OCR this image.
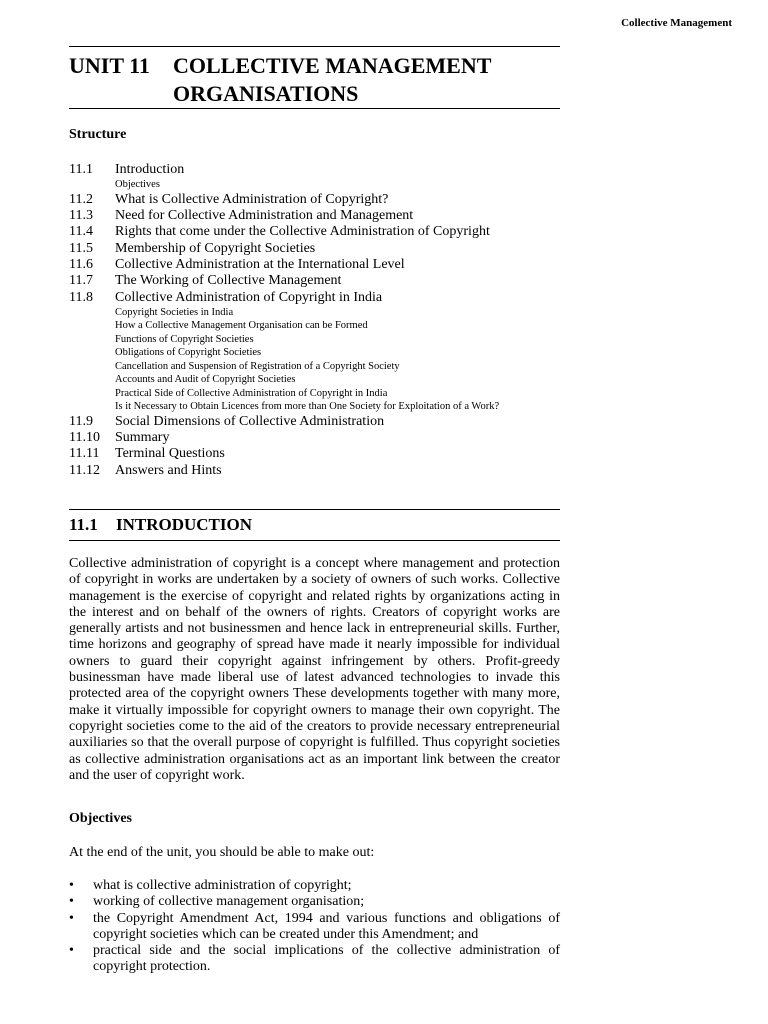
Collective Management
UNIT 11 COLLECTIVE MANAGEMENT
ORGANISATIONS
Structure
11.1	Introduction
Objectives
11.2	What is Collective Administration of Copyright?
11.3	Need for Collective Administration and Management
11.4	Rights that come under the Collective Administration of Copyright
11.5	Membership of Copyright Societies
11.6	Collective Administration at the International Level
11.7	The Working of Collective Management
11.8	Collective Administration of Copyright in India
Copyright Societies in India
How a Collective Management Organisation can be Formed
Functions of Copyright Societies
Obligations of Copyright Societies
Cancellation and Suspension of Registration of a Copyright Society
Accounts and Audit of Copyright Societies
Practical Side of Collective Administration of Copyright in India
Is it Necessary to Obtain Licences from more than One Society for Exploitation of a Work?
11.9	Social Dimensions of Collective Administration
11.10	Summary
11.11	Terminal Questions
11.12	Answers and Hints
11.1 INTRODUCTION

Collective administration of copyright is a concept where management and protection of copyright in works are undertaken by a society of owners of such works. Collective management is the exercise of copyright and related rights by organizations acting in the interest and on behalf of the owners of rights. Creators of copyright works are generally artists and not businessmen and hence lack in entrepreneurial skills. Further, time horizons and geography of spread have made it nearly impossible for individual owners to guard their copyright against infringement by others. Profit-greedy businessman have made liberal use of latest advanced technologies to invade this protected area of the copyright owners These developments together with many more, make it virtually impossible for copyright owners to manage their own copyright. The copyright societies come to the aid of the creators to provide necessary entrepreneurial auxiliaries so that the overall purpose of copyright is fulfilled. Thus copyright societies as collective administration organisations act as an important link between the creator and the user of copyright work.

Objectives

At the end of the unit, you should be able to make out:

•	what is collective administration of copyright;
•	working of collective management organisation;
•	the Copyright Amendment Act, 1994 and various functions and obligations of copyright societies which can be created under this Amendment; and
•	practical side and the social implications of the collective administration of copyright protection.
